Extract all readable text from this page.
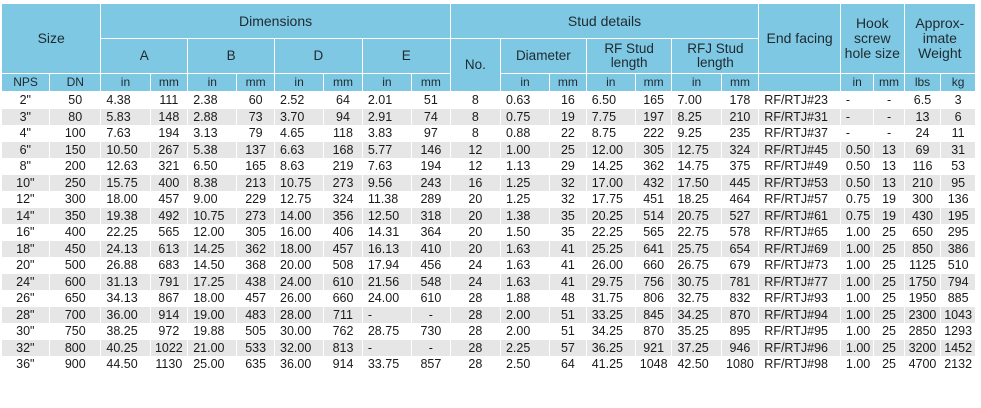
Size		Dimensions								Stud details							End facing	Hook screw hole size		Approx-imate Weight	
		A		B		D		E		No.	Diameter		RF Stud length		RFJ Stud length						
NPS	DN	in	mm	in	mm	in	mm	in	mm		in	mm	in	mm	in	mm		in	mm	lbs	kg
2"	50	4.38	111	2.38	60	2.52	64	2.01	51	8	0.63	16	6.50	165	7.00	178	RF/RTJ#23	-	-	6.5	3
3"	80	5.83	148	2.88	73	3.70	94	2.91	74	8	0.75	19	7.75	197	8.25	210	RF/RTJ#31	-	-	13	6
4"	100	7.63	194	3.13	79	4.65	118	3.83	97	8	0.88	22	8.75	222	9.25	235	RF/RTJ#37	-	-	24	11
6"	150	10.50	267	5.38	137	6.63	168	5.77	146	12	1.00	25	12.00	305	12.75	324	RF/RTJ#45	0.50	13	69	31
8"	200	12.63	321	6.50	165	8.63	219	7.63	194	12	1.13	29	14.25	362	14.75	375	RF/RTJ#49	0.50	13	116	53
10"	250	15.75	400	8.38	213	10.75	273	9.56	243	16	1.25	32	17.00	432	17.50	445	RF/RTJ#53	0.50	13	210	95
12"	300	18.00	457	9.00	229	12.75	324	11.38	289	20	1.25	32	17.75	451	18.25	464	RF/RTJ#57	0.75	19	300	136
14"	350	19.38	492	10.75	273	14.00	356	12.50	318	20	1.38	35	20.25	514	20.75	527	RF/RTJ#61	0.75	19	430	195
16"	400	22.25	565	12.00	305	16.00	406	14.31	364	20	1.50	35	22.25	565	22.75	578	RF/RTJ#65	1.00	25	650	295
18"	450	24.13	613	14.25	362	18.00	457	16.13	410	20	1.63	41	25.25	641	25.75	654	RF/RTJ#69	1.00	25	850	386
20"	500	26.88	683	14.50	368	20.00	508	17.94	456	24	1.63	41	26.00	660	26.75	679	RF/RTJ#73	1.00	25	1125	510
24"	600	31.13	791	17.25	438	24.00	610	21.56	548	24	1.63	41	29.75	756	30.75	781	RF/RTJ#77	1.00	25	1750	794
26"	650	34.13	867	18.00	457	26.00	660	24.00	610	28	1.88	48	31.75	806	32.75	832	RF/RTJ#93	1.00	25	1950	885
28"	700	36.00	914	19.00	483	28.00	711	-	-	28	2.00	51	33.25	845	34.25	870	RF/RTJ#94	1.00	25	2300	1043
30"	750	38.25	972	19.88	505	30.00	762	28.75	730	28	2.00	51	34.25	870	35.25	895	RF/RTJ#95	1.00	25	2850	1293
32"	800	40.25	1022	21.00	533	32.00	813	-	-	28	2.25	57	36.25	921	37.25	946	RF/RTJ#96	1.00	25	3200	1452
36"	900	44.50	1130	25.00	635	36.00	914	33.75	857	28	2.50	64	41.25	1048	42.50	1080	RF/RTJ#98	1.00	25	4700	2132
